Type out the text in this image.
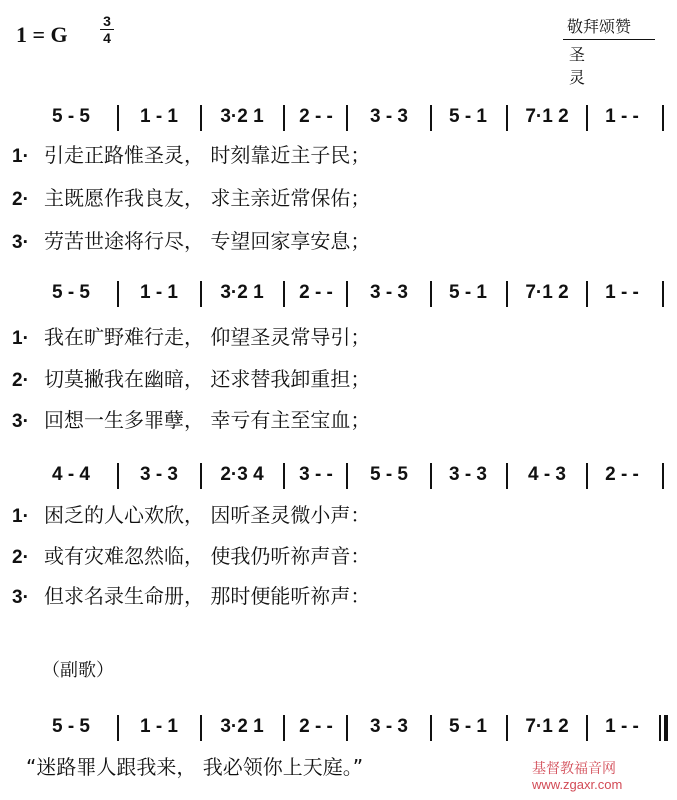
1 = G
3
4
敬拜颂赞
圣灵
5 - 5	1 - 1	3·2 1	2 - -	3 - 3	5 - 1	7·1 2	1 - -
1· 引走正路惟圣灵， 时刻靠近主子民；
2· 主既愿作我良友， 求主亲近常保佑；
3· 劳苦世途将行尽， 专望回家享安息；
5 - 5	1 - 1	3·2 1	2 - -	3 - 3	5 - 1	7·1 2	1 - -
1· 我在旷野难行走， 仰望圣灵常导引；
2· 切莫撇我在幽暗， 还求替我卸重担；
3· 回想一生多罪孽， 幸亏有主至宝血；
4 - 4	3 - 3	2·3 4	3 - -	5 - 5	3 - 3	4 - 3	2 - -
1· 困乏的人心欢欣， 因听圣灵微小声：
2· 或有灾难忽然临， 使我仍听祢声音：
3· 但求名录生命册， 那时便能听祢声：
（副歌）
5 - 5	1 - 1	3·2 1	2 - -	3 - 3	5 - 1	7·1 2	1 - -
“迷路罪人跟我来， 我必领你上天庭。”	基督教福音网
www.zgaxr.com
